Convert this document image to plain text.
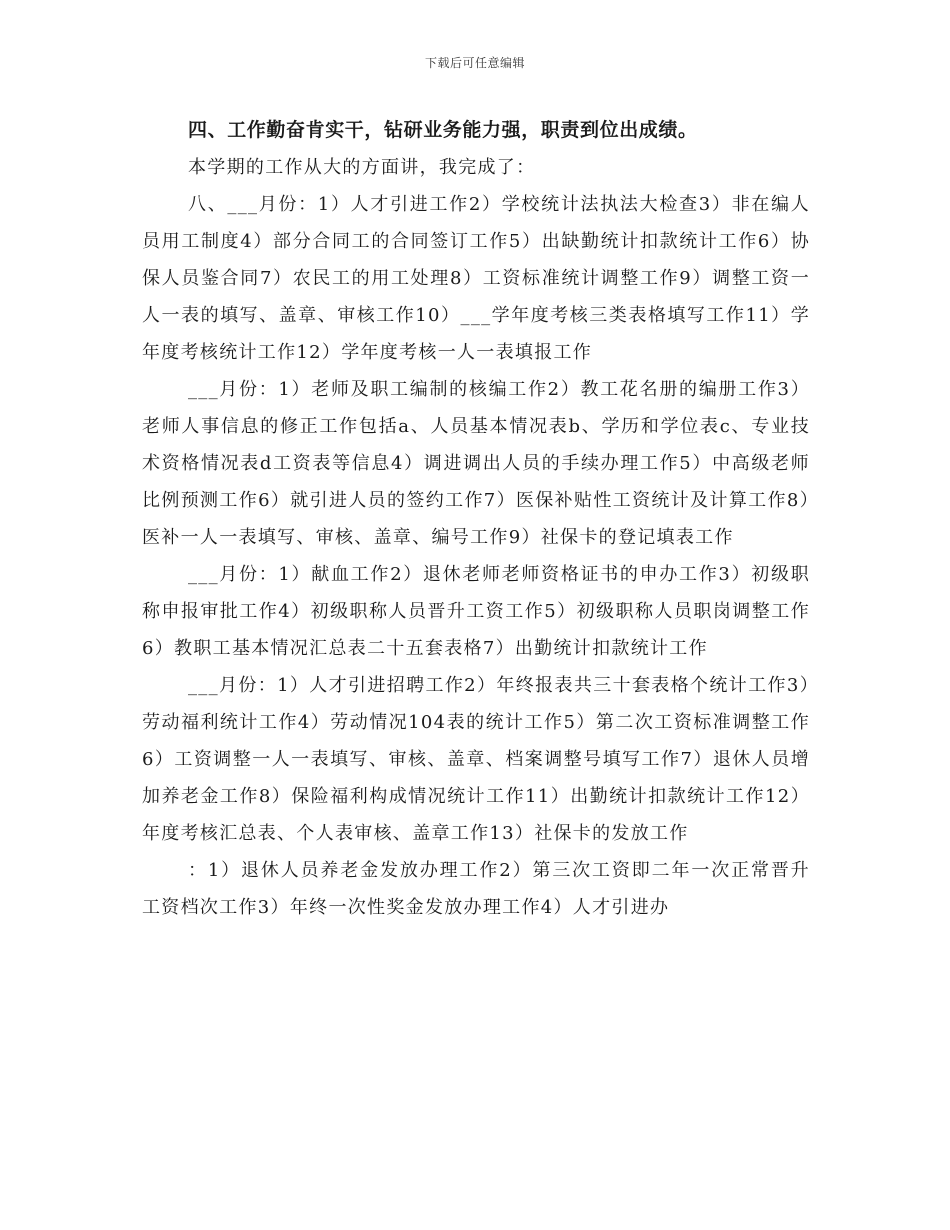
下载后可任意编辑

四、工作勤奋肯实干，钻研业务能力强，职责到位出成绩。

本学期的工作从大的方面讲，我完成了：

八、___月份：1）人才引进工作2）学校统计法执法大检查3）非在编人员用工制度4）部分合同工的合同签订工作5）出缺勤统计扣款统计工作6）协保人员鉴合同7）农民工的用工处理8）工资标准统计调整工作9）调整工资一人一表的填写、盖章、审核工作10）___学年度考核三类表格填写工作11）学年度考核统计工作12）学年度考核一人一表填报工作

___月份：1）老师及职工编制的核编工作2）教工花名册的编册工作3）老师人事信息的修正工作包括a、人员基本情况表b、学历和学位表c、专业技术资格情况表d工资表等信息4）调进调出人员的手续办理工作5）中高级老师比例预测工作6）就引进人员的签约工作7）医保补贴性工资统计及计算工作8）医补一人一表填写、审核、盖章、编号工作9）社保卡的登记填表工作

___月份：1）献血工作2）退休老师老师资格证书的申办工作3）初级职称申报审批工作4）初级职称人员晋升工资工作5）初级职称人员职岗调整工作6）教职工基本情况汇总表二十五套表格7）出勤统计扣款统计工作

___月份：1）人才引进招聘工作2）年终报表共三十套表格个统计工作3）劳动福利统计工作4）劳动情况104表的统计工作5）第二次工资标准调整工作6）工资调整一人一表填写、审核、盖章、档案调整号填写工作7）退休人员增加养老金工作8）保险福利构成情况统计工作11）出勤统计扣款统计工作12）年度考核汇总表、个人表审核、盖章工作13）社保卡的发放工作

：1）退休人员养老金发放办理工作2）第三次工资即二年一次正常晋升工资档次工作3）年终一次性奖金发放办理工作4）人才引进办
